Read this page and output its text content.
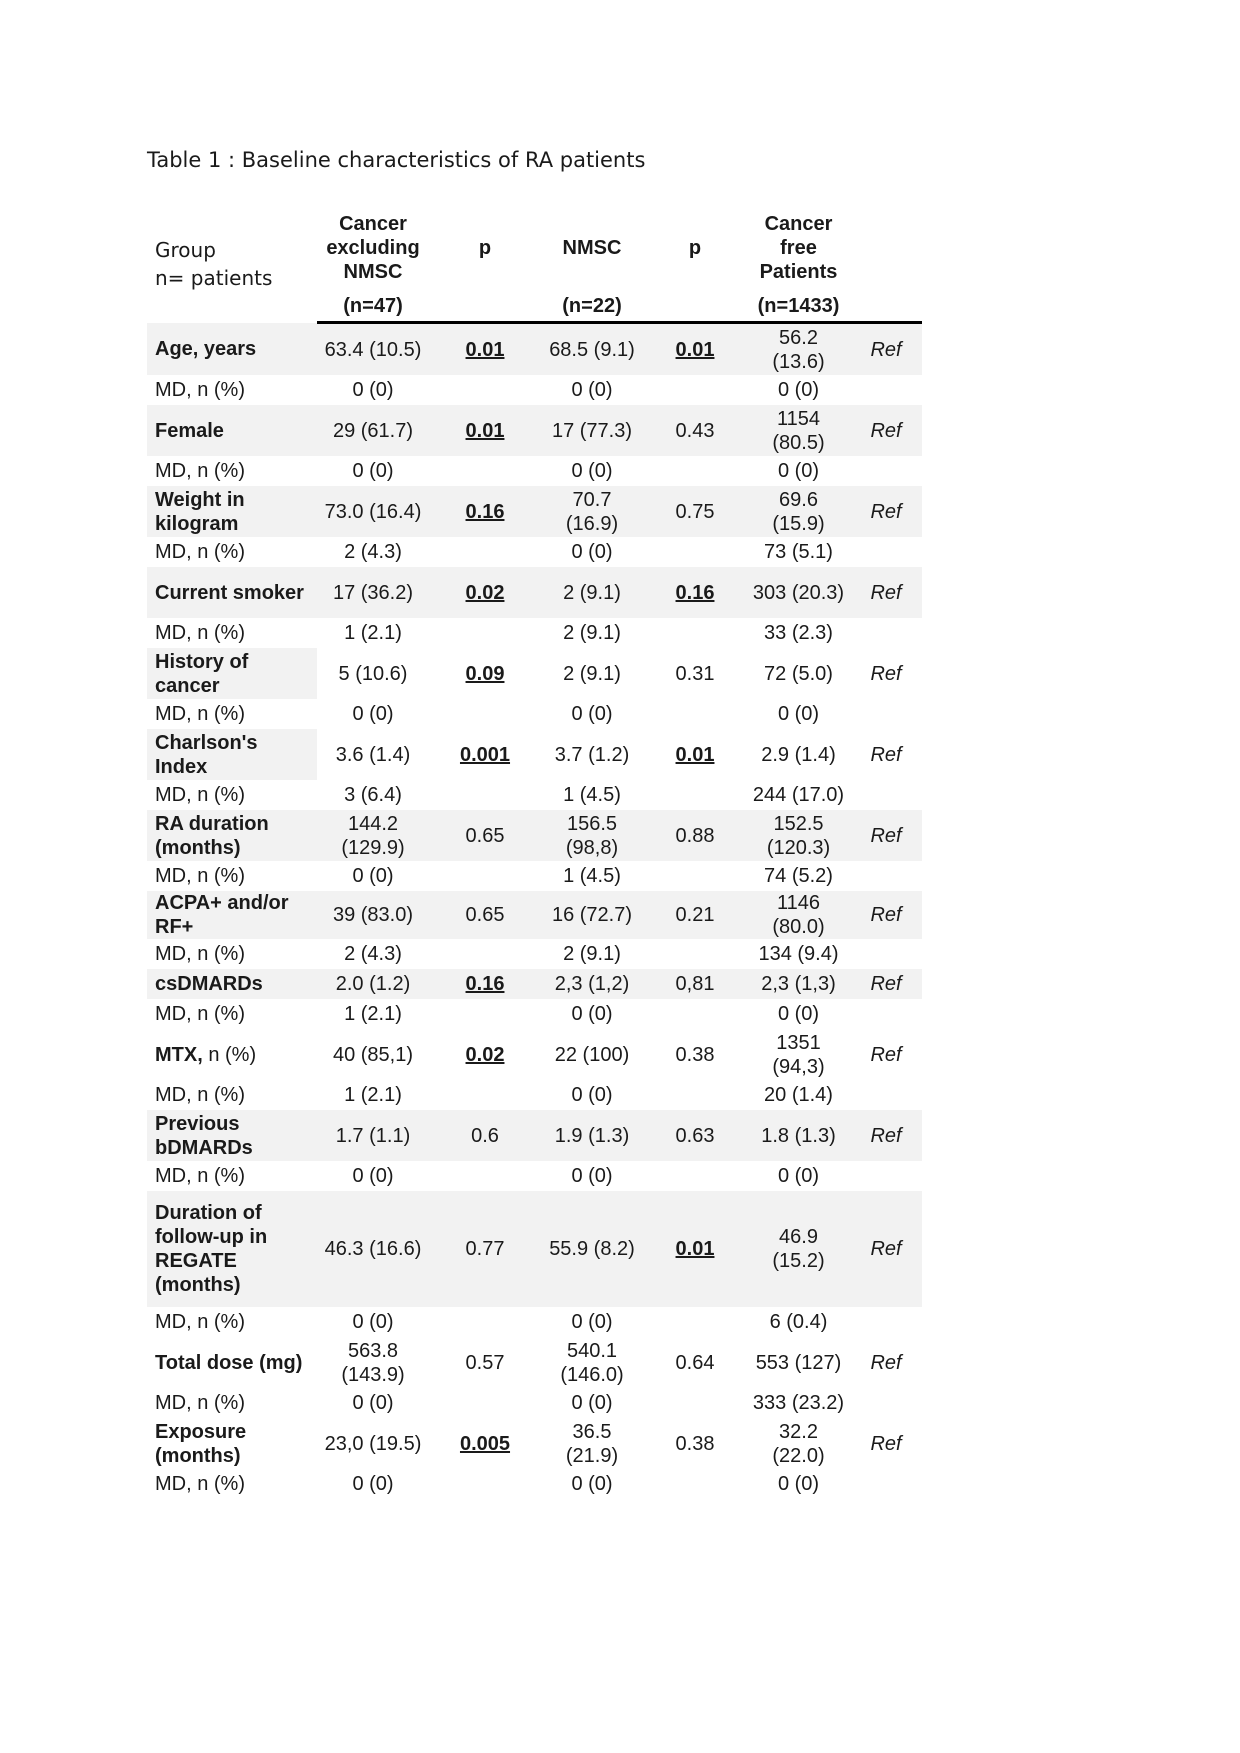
Table 1 : Baseline characteristics of RA patients

Group
n= patients	Cancer excluding NMSC	p	NMSC	p	Cancer free Patients	
	(n=47)		(n=22)		(n=1433)	
Age, years	63.4 (10.5)	0.01	68.5 (9.1)	0.01	56.2 (13.6)	Ref
MD, n (%)	0 (0)		0 (0)		0 (0)	
Female	29 (61.7)	0.01	17 (77.3)	0.43	1154 (80.5)	Ref
MD, n (%)	0 (0)		0 (0)		0 (0)	
Weight in kilogram	73.0 (16.4)	0.16	70.7 (16.9)	0.75	69.6 (15.9)	Ref
MD, n (%)	2 (4.3)		0 (0)		73 (5.1)	
Current smoker	17 (36.2)	0.02	2 (9.1)	0.16	303 (20.3)	Ref
MD, n (%)	1 (2.1)		2 (9.1)		33 (2.3)	
History of cancer	5 (10.6)	0.09	2 (9.1)	0.31	72 (5.0)	Ref
MD, n (%)	0 (0)		0 (0)		0 (0)	
Charlson's Index	3.6 (1.4)	0.001	3.7 (1.2)	0.01	2.9 (1.4)	Ref
MD, n (%)	3 (6.4)		1 (4.5)		244 (17.0)	
RA duration (months)	144.2 (129.9)	0.65	156.5 (98,8)	0.88	152.5 (120.3)	Ref
MD, n (%)	0 (0)		1 (4.5)		74 (5.2)	
ACPA+ and/or RF+	39 (83.0)	0.65	16 (72.7)	0.21	1146 (80.0)	Ref
MD, n (%)	2 (4.3)		2 (9.1)		134 (9.4)	
csDMARDs	2.0 (1.2)	0.16	2,3 (1,2)	0,81	2,3 (1,3)	Ref
MD, n (%)	1 (2.1)		0 (0)		0 (0)	
MTX, n (%)	40 (85,1)	0.02	22 (100)	0.38	1351 (94,3)	Ref
MD, n (%)	1 (2.1)		0 (0)		20 (1.4)	
Previous bDMARDs	1.7 (1.1)	0.6	1.9 (1.3)	0.63	1.8 (1.3)	Ref
MD, n (%)	0 (0)		0 (0)		0 (0)	
Duration of follow-up in REGATE (months)	46.3 (16.6)	0.77	55.9 (8.2)	0.01	46.9 (15.2)	Ref
MD, n (%)	0 (0)		0 (0)		6 (0.4)	
Total dose (mg)	563.8 (143.9)	0.57	540.1 (146.0)	0.64	553 (127)	Ref
MD, n (%)	0 (0)		0 (0)		333 (23.2)	
Exposure (months)	23,0 (19.5)	0.005	36.5 (21.9)	0.38	32.2 (22.0)	Ref
MD, n (%)	0 (0)		0 (0)		0 (0)	
